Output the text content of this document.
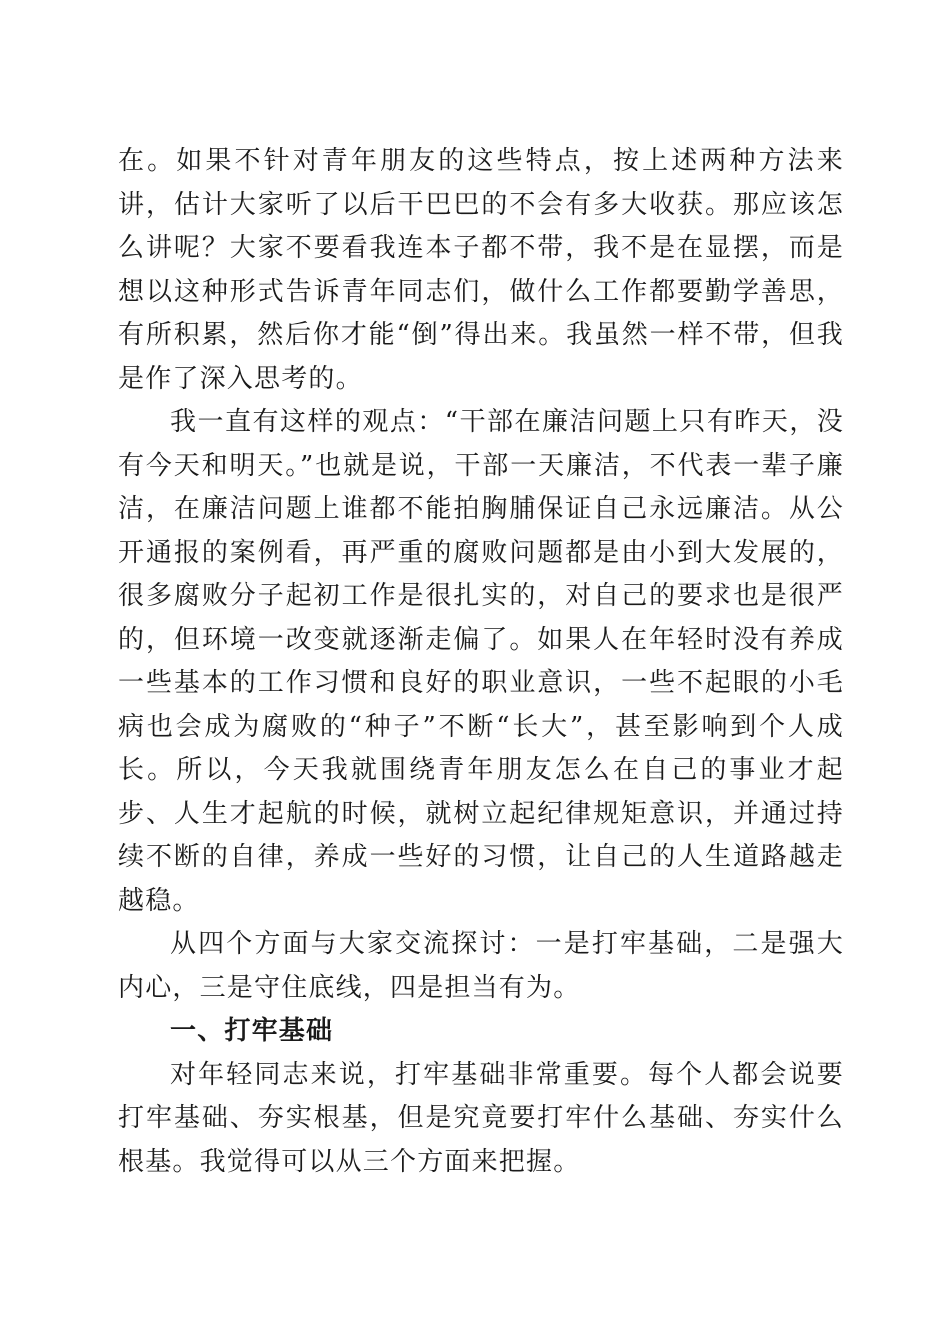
在。如果不针对青年朋友的这些特点，按上述两种方法来讲，估计大家听了以后干巴巴的不会有多大收获。那应该怎么讲呢？大家不要看我连本子都不带，我不是在显摆，而是想以这种形式告诉青年同志们，做什么工作都要勤学善思，有所积累，然后你才能“倒”得出来。我虽然一样不带，但我是作了深入思考的。

我一直有这样的观点：“干部在廉洁问题上只有昨天，没有今天和明天。”也就是说，干部一天廉洁，不代表一辈子廉洁，在廉洁问题上谁都不能拍胸脯保证自己永远廉洁。从公开通报的案例看，再严重的腐败问题都是由小到大发展的，很多腐败分子起初工作是很扎实的，对自己的要求也是很严的，但环境一改变就逐渐走偏了。如果人在年轻时没有养成一些基本的工作习惯和良好的职业意识，一些不起眼的小毛病也会成为腐败的“种子”不断“长大”，甚至影响到个人成长。所以，今天我就围绕青年朋友怎么在自己的事业才起步、人生才起航的时候，就树立起纪律规矩意识，并通过持续不断的自律，养成一些好的习惯，让自己的人生道路越走越稳。

从四个方面与大家交流探讨：一是打牢基础，二是强大内心，三是守住底线，四是担当有为。

一、打牢基础

对年轻同志来说，打牢基础非常重要。每个人都会说要打牢基础、夯实根基，但是究竟要打牢什么基础、夯实什么根基。我觉得可以从三个方面来把握。
